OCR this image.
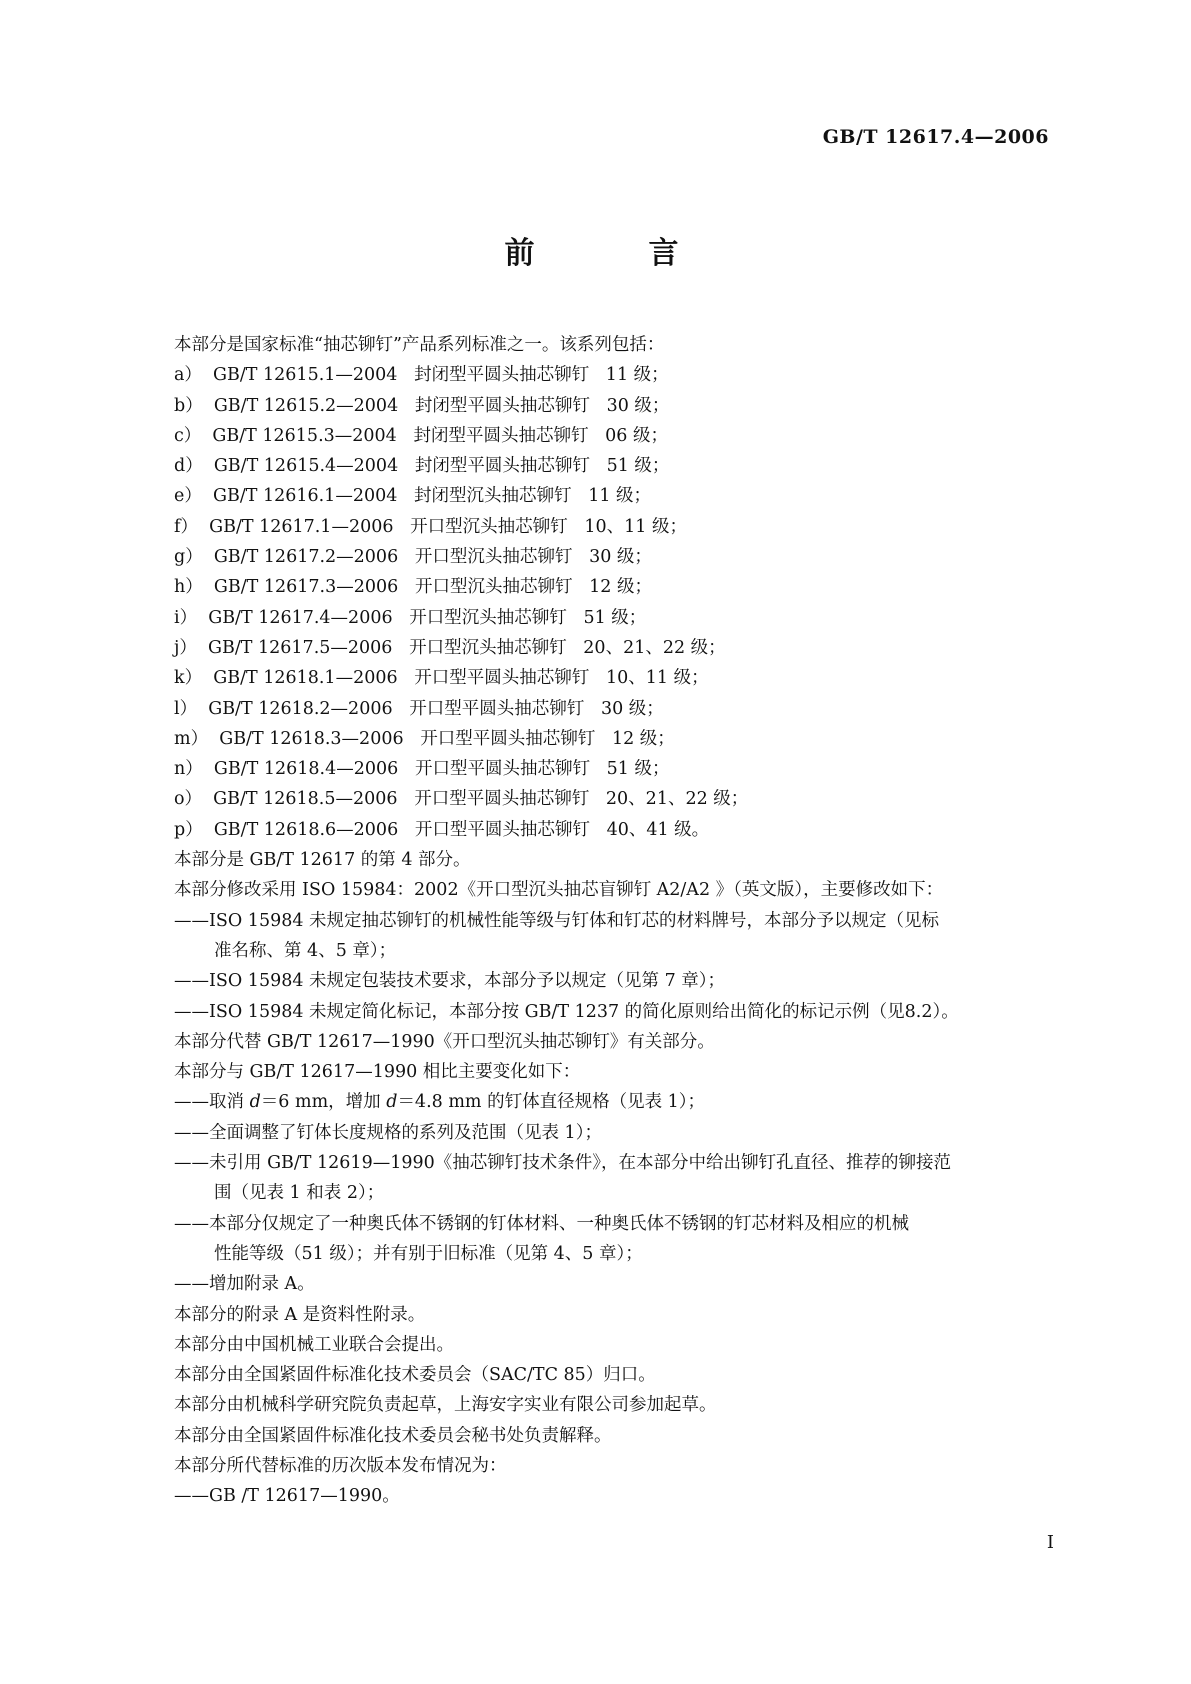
GB/T 12617.4—2006
前　言
本部分是国家标准“抽芯铆钉”产品系列标准之一。该系列包括：
a）  GB/T 12615.1—2004   封闭型平圆头抽芯铆钉   11 级；
b）  GB/T 12615.2—2004   封闭型平圆头抽芯铆钉   30 级；
c）  GB/T 12615.3—2004   封闭型平圆头抽芯铆钉   06 级；
d）  GB/T 12615.4—2004   封闭型平圆头抽芯铆钉   51 级；
e）  GB/T 12616.1—2004   封闭型沉头抽芯铆钉   11 级；
f）  GB/T 12617.1—2006   开口型沉头抽芯铆钉   10、11 级；
g）  GB/T 12617.2—2006   开口型沉头抽芯铆钉   30 级；
h）  GB/T 12617.3—2006   开口型沉头抽芯铆钉   12 级；
i）  GB/T 12617.4—2006   开口型沉头抽芯铆钉   51 级；
j）  GB/T 12617.5—2006   开口型沉头抽芯铆钉   20、21、22 级；
k）  GB/T 12618.1—2006   开口型平圆头抽芯铆钉   10、11 级；
l）  GB/T 12618.2—2006   开口型平圆头抽芯铆钉   30 级；
m）  GB/T 12618.3—2006   开口型平圆头抽芯铆钉   12 级；
n）  GB/T 12618.4—2006   开口型平圆头抽芯铆钉   51 级；
o）  GB/T 12618.5—2006   开口型平圆头抽芯铆钉   20、21、22 级；
p）  GB/T 12618.6—2006   开口型平圆头抽芯铆钉   40、41 级。
本部分是 GB/T 12617 的第 4 部分。
本部分修改采用 ISO 15984：2002《开口型沉头抽芯盲铆钉 A2/A2 》（英文版），主要修改如下：
——ISO 15984 未规定抽芯铆钉的机械性能等级与钉体和钉芯的材料牌号，本部分予以规定（见标
准名称、第 4、5 章）；
——ISO 15984 未规定包装技术要求，本部分予以规定（见第 7 章）；
——ISO 15984 未规定简化标记，本部分按 GB/T 1237 的简化原则给出简化的标记示例（见8.2）。
本部分代替 GB/T 12617—1990《开口型沉头抽芯铆钉》有关部分。
本部分与 GB/T 12617—1990 相比主要变化如下：
——取消 d＝6 mm，增加 d＝4.8 mm 的钉体直径规格（见表 1）；
——全面调整了钉体长度规格的系列及范围（见表 1）；
——未引用 GB/T 12619—1990《抽芯铆钉技术条件》，在本部分中给出铆钉孔直径、推荐的铆接范
围（见表 1 和表 2）；
——本部分仅规定了一种奥氏体不锈钢的钉体材料、一种奥氏体不锈钢的钉芯材料及相应的机械
性能等级（51 级）；并有别于旧标准（见第 4、5 章）；
——增加附录 A。
本部分的附录 A 是资料性附录。
本部分由中国机械工业联合会提出。
本部分由全国紧固件标准化技术委员会（SAC/TC 85）归口。
本部分由机械科学研究院负责起草，上海安字实业有限公司参加起草。
本部分由全国紧固件标准化技术委员会秘书处负责解释。
本部分所代替标准的历次版本发布情况为：
——GB /T 12617—1990。
I
